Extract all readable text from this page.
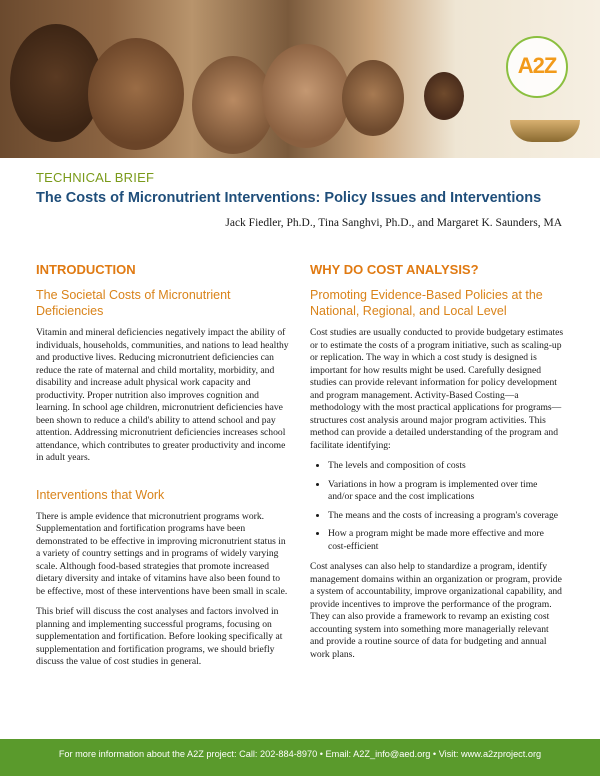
A2Z
TECHNICAL BRIEF
The Costs of Micronutrient Interventions: Policy Issues and Interventions
Jack Fiedler, Ph.D., Tina Sanghvi, Ph.D., and Margaret K. Saunders, MA
INTRODUCTION
The Societal Costs of Micronutrient Deficiencies

Vitamin and mineral deficiencies negatively impact the ability of individuals, households, communities, and nations to lead healthy and productive lives. Reducing micronutrient deficiencies can reduce the rate of maternal and child mortality, morbidity, and disability and increase adult physical work capacity and productivity. Proper nutrition also improves cognition and learning. In school age children, micronutrient deficiencies have been shown to reduce a child's ability to attend school and pay attention. Addressing micronutrient deficiencies increases school attendance, which contributes to greater productivity and income in adult years.

Interventions that Work

There is ample evidence that micronutrient programs work. Supplementation and fortification programs have been demonstrated to be effective in improving micronutrient status in a variety of country settings and in programs of widely varying scale. Although food-based strategies that promote increased dietary diversity and intake of vitamins have also been found to be effective, most of these interventions have been small in scale.

This brief will discuss the cost analyses and factors involved in planning and implementing successful programs, focusing on supplementation and fortification. Before looking specifically at supplementation and fortification programs, we should briefly discuss the value of cost studies in general.

WHY DO COST ANALYSIS?
Promoting Evidence-Based Policies at the National, Regional, and Local Level

Cost studies are usually conducted to provide budgetary estimates or to estimate the costs of a program initiative, such as scaling-up or replication. The way in which a cost study is designed is important for how results might be used. Carefully designed studies can provide relevant information for policy development and program management. Activity-Based Costing—a methodology with the most practical applications for programs—structures cost analysis around major program activities. This method can provide a detailed understanding of the program and facilitate identifying:

• The levels and composition of costs
• Variations in how a program is implemented over time and/or space and the cost implications
• The means and the costs of increasing a program's coverage
• How a program might be made more effective and more cost-efficient

Cost analyses can also help to standardize a program, identify management domains within an organization or program, provide a system of accountability, improve organizational capability, and provide incentives to improve the performance of the program. They can also provide a framework to revamp an existing cost accounting system into something more managerially relevant and provide a routine source of data for budgeting and annual work plans.

For more information about the A2Z project: Call: 202-884-8970 • Email: A2Z_info@aed.org • Visit: www.a2zproject.org
